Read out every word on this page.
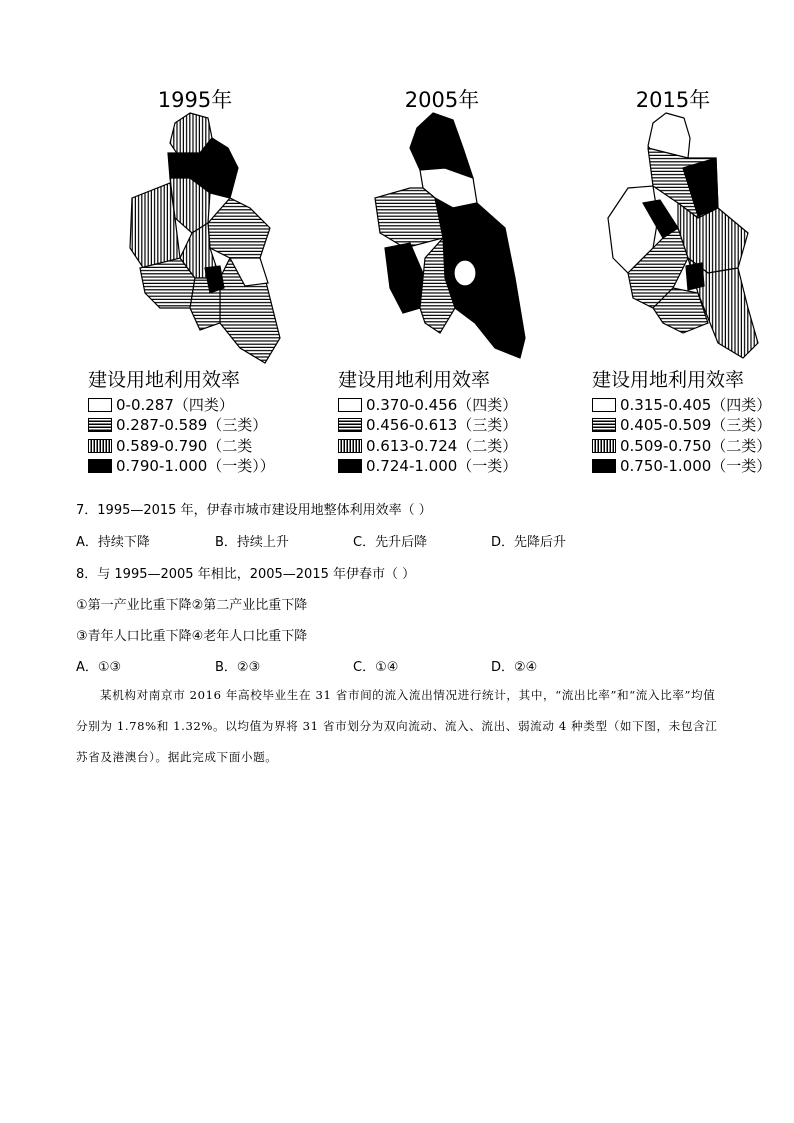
1995年	2005年	2015年
建设用地利用效率
0-0.287（四类）
0.287-0.589（三类）
0.589-0.790（二类
0.790-1.000（一类））
建设用地利用效率
0.370-0.456（四类）
0.456-0.613（三类）
0.613-0.724（二类）
0.724-1.000（一类）
建设用地利用效率
0.315-0.405（四类）
0.405-0.509（三类）
0.509-0.750（二类）
0.750-1.000（一类）
7．1995—2015 年，伊春市城市建设用地整体利用效率（ ）
A．持续下降	B．持续上升	C．先升后降	D．先降后升
8．与 1995—2005 年相比，2005—2015 年伊春市（ ）
①第一产业比重下降②第二产业比重下降
③青年人口比重下降④老年人口比重下降
A．①③	B．②③	C．①④	D．②④
某机构对南京市 2016 年高校毕业生在 31 省市间的流入流出情况进行统计，其中，“流出比率”和“流入比率”均值分别为 1.78%和 1.32%。以均值为界将 31 省市划分为双向流动、流入、流出、弱流动 4 种类型（如下图，未包含江苏省及港澳台）。据此完成下面小题。
